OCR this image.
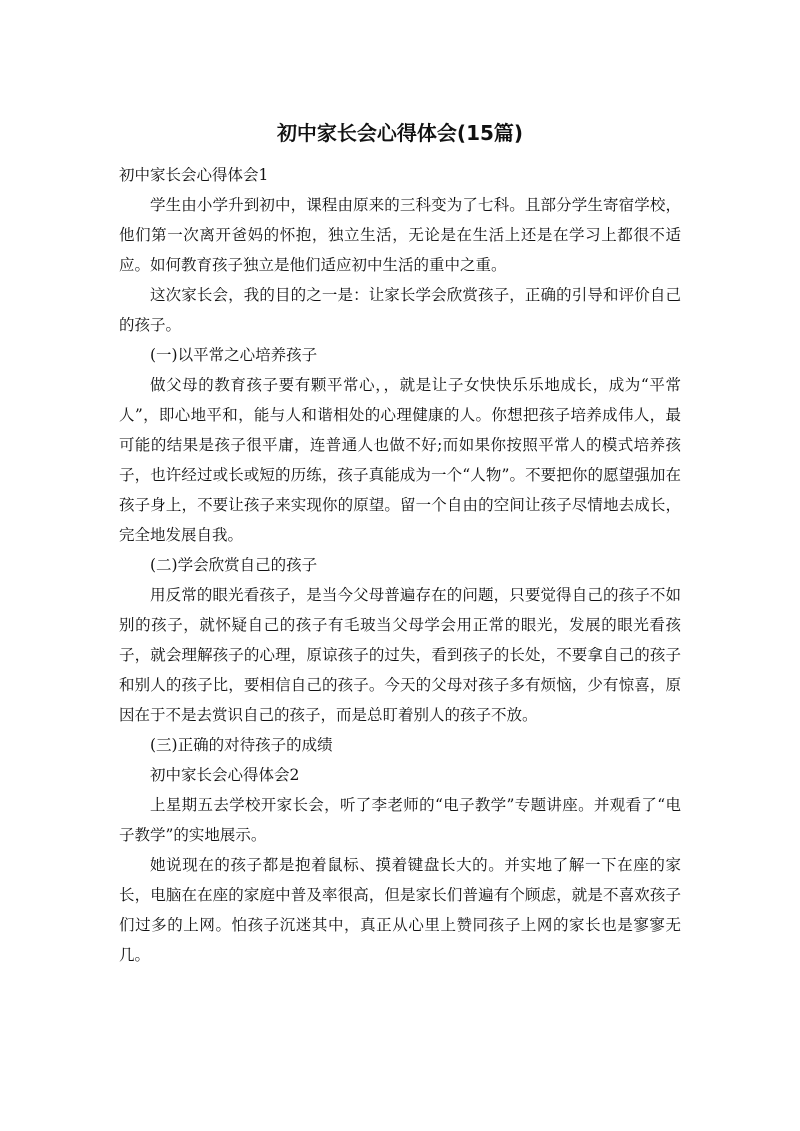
初中家长会心得体会(15篇)

初中家长会心得体会1

学生由小学升到初中，课程由原来的三科变为了七科。且部分学生寄宿学校，他们第一次离开爸妈的怀抱，独立生活，无论是在生活上还是在学习上都很不适应。如何教育孩子独立是他们适应初中生活的重中之重。

这次家长会，我的目的之一是：让家长学会欣赏孩子，正确的引导和评价自己的孩子。

(一)以平常之心培养孩子

做父母的教育孩子要有颗平常心，，就是让子女快快乐乐地成长，成为“平常人”，即心地平和，能与人和谐相处的心理健康的人。你想把孩子培养成伟人，最可能的结果是孩子很平庸，连普通人也做不好;而如果你按照平常人的模式培养孩子，也许经过或长或短的历练，孩子真能成为一个“人物”。不要把你的愿望强加在孩子身上，不要让孩子来实现你的原望。留一个自由的空间让孩子尽情地去成长，完全地发展自我。

(二)学会欣赏自己的孩子

用反常的眼光看孩子，是当今父母普遍存在的问题，只要觉得自己的孩子不如别的孩子，就怀疑自己的孩子有毛玻当父母学会用正常的眼光，发展的眼光看孩子，就会理解孩子的心理，原谅孩子的过失，看到孩子的长处，不要拿自己的孩子和别人的孩子比，要相信自己的孩子。今天的父母对孩子多有烦恼，少有惊喜，原因在于不是去赏识自己的孩子，而是总盯着别人的孩子不放。

(三)正确的对待孩子的成绩

初中家长会心得体会2

上星期五去学校开家长会，听了李老师的“电子教学”专题讲座。并观看了“电子教学”的实地展示。

她说现在的孩子都是抱着鼠标、摸着键盘长大的。并实地了解一下在座的家长，电脑在在座的家庭中普及率很高，但是家长们普遍有个顾虑，就是不喜欢孩子们过多的上网。怕孩子沉迷其中，真正从心里上赞同孩子上网的家长也是寥寥无几。
